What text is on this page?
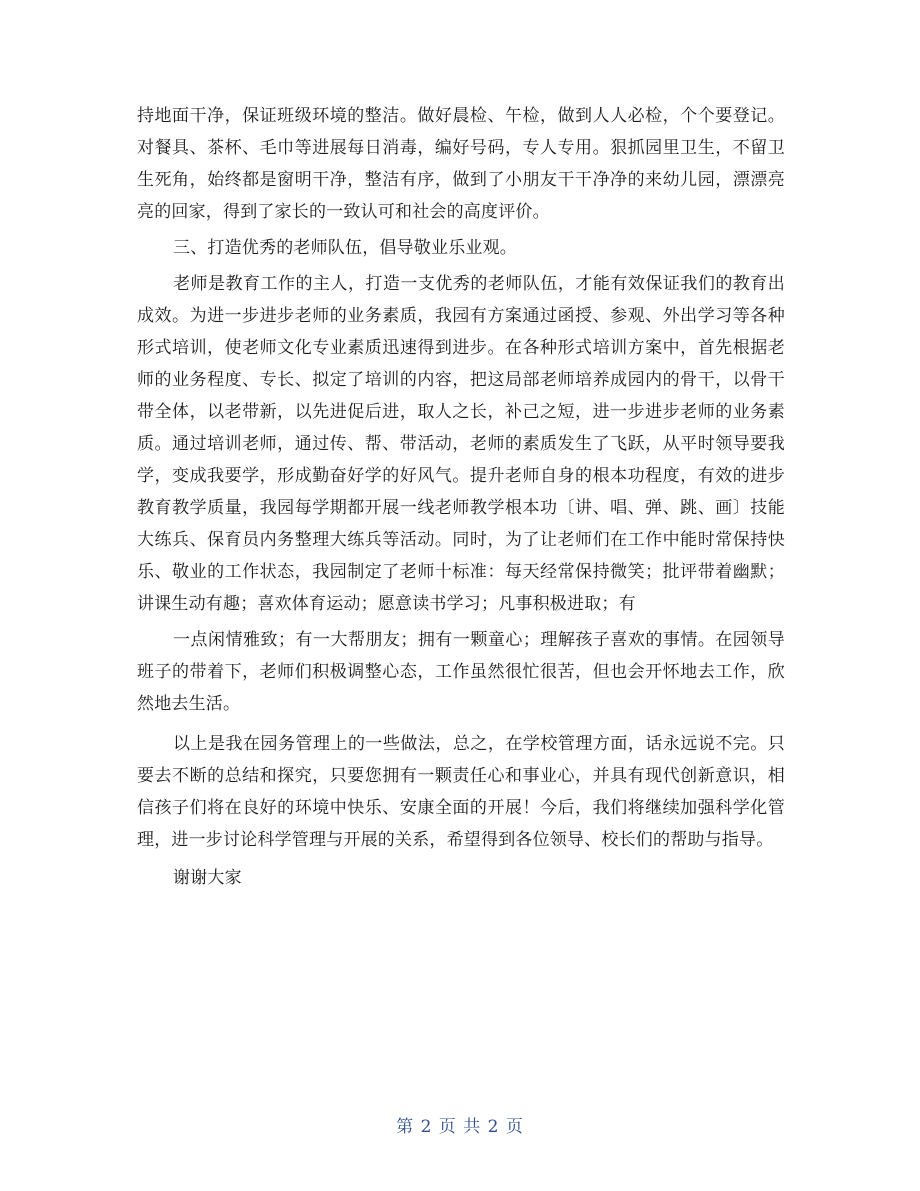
持地面干净，保证班级环境的整洁。做好晨检、午检，做到人人必检，个个要登记。对餐具、茶杯、毛巾等进展每日消毒，编好号码，专人专用。狠抓园里卫生，不留卫生死角，始终都是窗明干净，整洁有序，做到了小朋友干干净净的来幼儿园，漂漂亮亮的回家，得到了家长的一致认可和社会的高度评价。

三、打造优秀的老师队伍，倡导敬业乐业观。

老师是教育工作的主人，打造一支优秀的老师队伍，才能有效保证我们的教育出成效。为进一步进步老师的业务素质，我园有方案通过函授、参观、外出学习等各种形式培训，使老师文化专业素质迅速得到进步。在各种形式培训方案中，首先根据老师的业务程度、专长、拟定了培训的内容，把这局部老师培养成园内的骨干，以骨干带全体，以老带新，以先进促后进，取人之长，补己之短，进一步进步老师的业务素质。通过培训老师，通过传、帮、带活动，老师的素质发生了飞跃，从平时领导要我学，变成我要学，形成勤奋好学的好风气。提升老师自身的根本功程度，有效的进步教育教学质量，我园每学期都开展一线老师教学根本功〔讲、唱、弹、跳、画〕技能大练兵、保育员内务整理大练兵等活动。同时，为了让老师们在工作中能时常保持快乐、敬业的工作状态，我园制定了老师十标准：每天经常保持微笑；批评带着幽默；讲课生动有趣；喜欢体育运动；愿意读书学习；凡事积极进取；有

一点闲情雅致；有一大帮朋友；拥有一颗童心；理解孩子喜欢的事情。在园领导班子的带着下，老师们积极调整心态，工作虽然很忙很苦，但也会开怀地去工作，欣然地去生活。

以上是我在园务管理上的一些做法，总之，在学校管理方面，话永远说不完。只要去不断的总结和探究，只要您拥有一颗责任心和事业心，并具有现代创新意识，相信孩子们将在良好的环境中快乐、安康全面的开展！今后，我们将继续加强科学化管理，进一步讨论科学管理与开展的关系，希望得到各位领导、校长们的帮助与指导。

谢谢大家

第 2 页 共 2 页
